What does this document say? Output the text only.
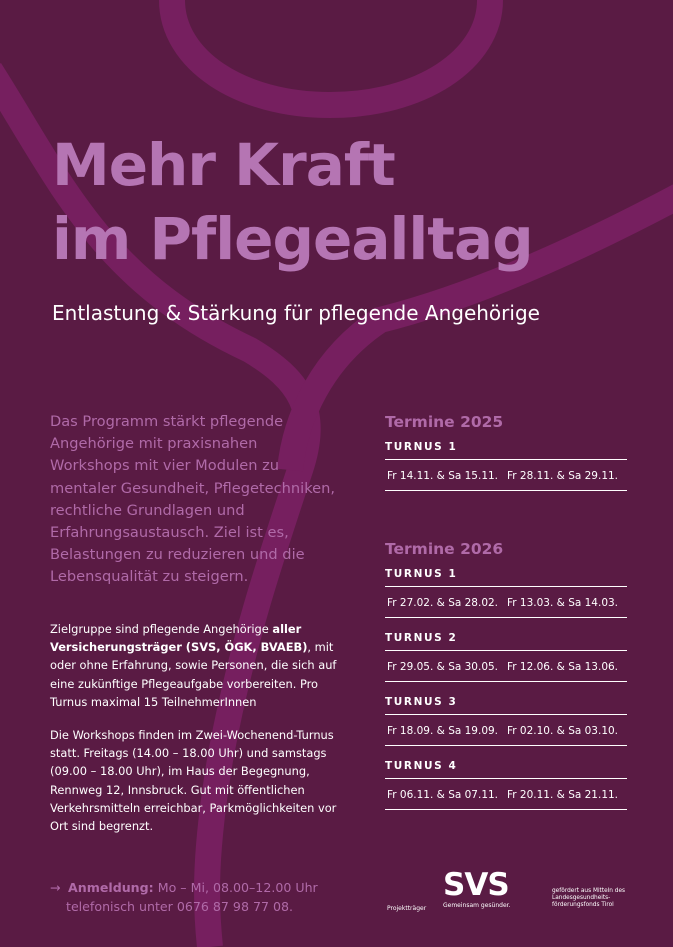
Mehr Kraft
im Pflegealltag

Entlastung & Stärkung für pflegende Angehörige

Das Programm stärkt pflegende Angehörige mit praxisnahen Workshops mit vier Modulen zu mentaler Gesundheit, Pflegetechniken, rechtliche Grundlagen und Erfahrungsaustausch. Ziel ist es, Belastungen zu reduzieren und die Lebensqualität zu steigern.

Zielgruppe sind pflegende Angehörige aller Versicherungsträger (SVS, ÖGK, BVAEB), mit oder ohne Erfahrung, sowie Personen, die sich auf eine zukünftige Pflegeaufgabe vorbereiten. Pro Turnus maximal 15 TeilnehmerInnen

Die Workshops finden im Zwei-Wochenend-Turnus statt. Freitags (14.00 – 18.00 Uhr) und samstags (09.00 – 18.00 Uhr), im Haus der Begegnung, Rennweg 12, Innsbruck. Gut mit öffentlichen Verkehrsmitteln erreichbar, Parkmöglichkeiten vor Ort sind begrenzt.

→ Anmeldung: Mo – Mi, 08.00–12.00 Uhr
telefonisch unter 0676 87 98 77 08.

Termine 2025
TURNUS 1
Fr 14.11. & Sa 15.11. Fr 28.11. & Sa 29.11.
Termine 2026
TURNUS 1
Fr 27.02. & Sa 28.02. Fr 13.03. & Sa 14.03.
TURNUS 2
Fr 29.05. & Sa 30.05. Fr 12.06. & Sa 13.06.
TURNUS 3
Fr 18.09. & Sa 19.09. Fr 02.10. & Sa 03.10.
TURNUS 4
Fr 06.11. & Sa 07.11. Fr 20.11. & Sa 21.11.
Projektträger
SVS
Gemeinsam gesünder.
gefördert aus Mitteln des
Landesgesundheits-
förderungsfonds Tirol
